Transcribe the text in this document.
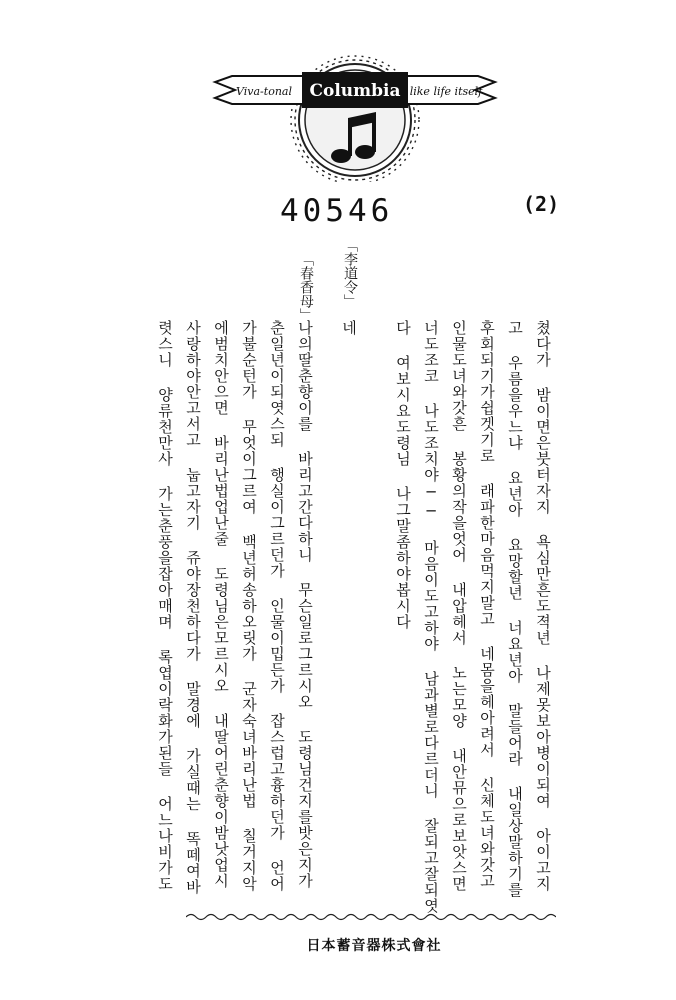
Viva-tonal Columbia like life itself
40546	(2)
「李道令」
「春香母」
쳤다가 밤이면은붓터자지 욕심만흔도젹년 나제못보아병이되여 아이고지
고 우름을우느냐 요년아 요망할년 너요년아 말들어라 내일상말하기를
후회되기가쉽겟기로 래파한마음먹지말고 네몸을헤아려서 신체도녀와갓고
인물도녀와갓흔 봉황의작을엇어 내압헤서 노는모양 내안뮤으로보앗스면
너도조코 나도조치야── 마음이도고하야 남과별로다르더니 잘되고잘되엿
다 여보시요도령님 나그말좀하야봅시다
네
나의딸춘향이를 바리고간다하니 무슨일로그르시오 도령님건지를밧은지가
춘일년이되엿스되 행실이그르던가 인물이밉든가 잡스럽고흉하던가 언어
가불순턴가 무엇이그르여 백년허송하오릿가 군자숙녀바리난법 칠거지악
에범치안으면 바리난법업난줄 도령님은모르시오 내딸어린춘향이밤낫업시
사랑하야안고서고 눕고자기 쥬야장천하다가 말경에 가실때는 똑떼여바
렷스니 양류천만사 가는춘풍을잡아매며 록엽이락화가된들 어느나비가도
日本蓄音器株式會社
